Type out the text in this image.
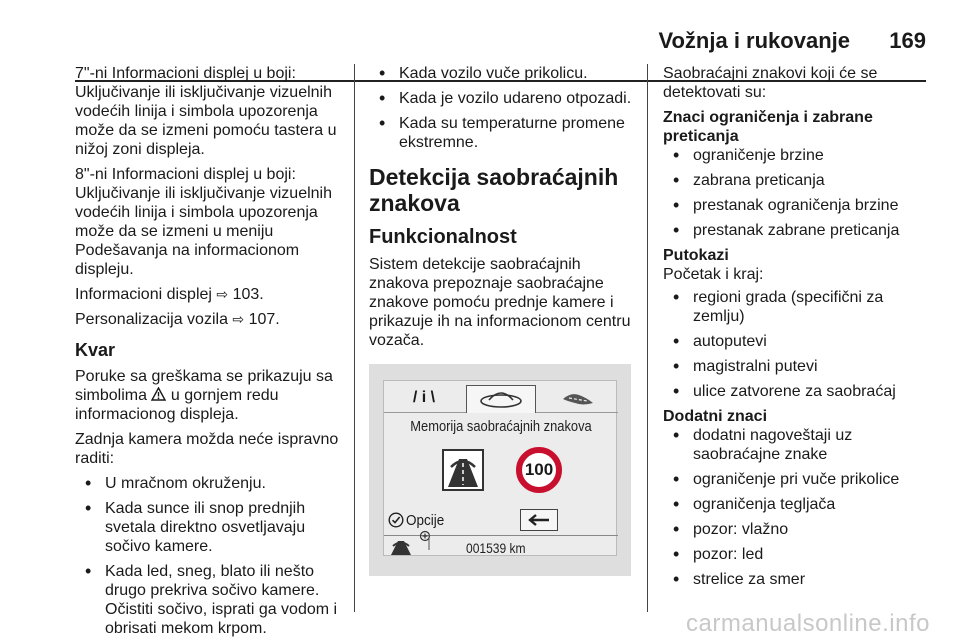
Vožnja i rukovanje 169

7"-ni Informacioni displej u boji: Uključivanje ili isključivanje vizuelnih vodećih linija i simbola upozorenja može da se izmeni pomoću tastera u nižoj zoni displeja.

8"-ni Informacioni displej u boji: Uključivanje ili isključivanje vizuelnih vodećih linija i simbola upozorenja može da se izmeni u meniju Podešavanja na informacionom displeju.

Informacioni displej ⇨ 103.

Personalizacija vozila ⇨ 107.

Kvar

Poruke sa greškama se prikazuju sa simbolima u gornjem redu informacionog displeja.

Zadnja kamera možda neće ispravno raditi:

• U mračnom okruženju.
• Kada sunce ili snop prednjih svetala direktno osvetljavaju sočivo kamere.
• Kada led, sneg, blato ili nešto drugo prekriva sočivo kamere. Očistiti sočivo, isprati ga vodom i obrisati mekom krpom.
• Kada vozilo vuče prikolicu.
• Kada je vozilo udareno otpozadi.
• Kada su temperaturne promene ekstremne.
Detekcija saobraćajnih znakova
Funkcionalnost

Sistem detekcije saobraćajnih znakova prepoznaje saobraćajne znakove pomoću prednje kamere i prikazuje ih na informacionom centru vozača.

/ i \
Memorija saobraćajnih znakova
100
Opcije
001539 km

Saobraćajni znakovi koji će se detektovati su:

Znaci ograničenja i zabrane preticanja
• ograničenje brzine
• zabrana preticanja
• prestanak ograničenja brzine
• prestanak zabrane preticanja
Putokazi

Početak i kraj:

• regioni grada (specifični za zemlju)
• autoputevi
• magistralni putevi
• ulice zatvorene za saobraćaj
Dodatni znaci
• dodatni nagoveštaji uz saobraćajne znake
• ograničenje pri vuče prikolice
• ograničenja tegljača
• pozor: vlažno
• pozor: led
• strelice za smer
carmanualsonline.info
